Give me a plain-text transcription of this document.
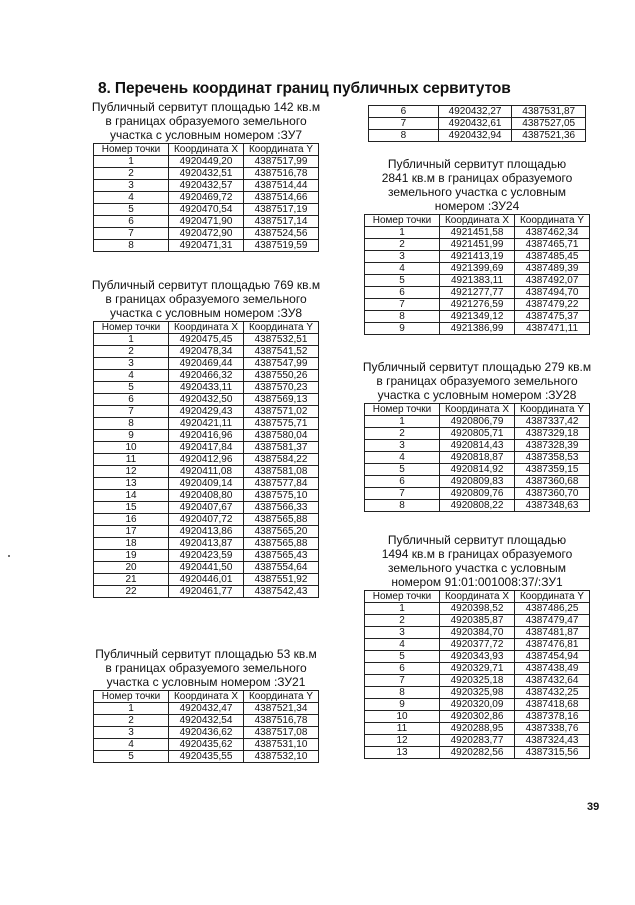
8. Перечень координат границ публичных сервитутов
Публичный сервитут площадью 142 кв.м
в границах образуемого земельного
участка с условным номером :ЗУ7
Номер точки	Координата X	Координата Y
1	4920449,20	4387517,99
2	4920432,51	4387516,78
3	4920432,57	4387514,44
4	4920469,72	4387514,66
5	4920470,54	4387517,19
6	4920471,90	4387517,14
7	4920472,90	4387524,56
8	4920471,31	4387519,59
Публичный сервитут площадью 769 кв.м
в границах образуемого земельного
участка с условным номером :ЗУ8
Номер точки	Координата X	Координата Y
1	4920475,45	4387532,51
2	4920478,34	4387541,52
3	4920469,44	4387547,99
4	4920466,32	4387550,26
5	4920433,11	4387570,23
6	4920432,50	4387569,13
7	4920429,43	4387571,02
8	4920421,11	4387575,71
9	4920416,96	4387580,04
10	4920417,84	4387581,37
11	4920412,96	4387584,22
12	4920411,08	4387581,08
13	4920409,14	4387577,84
14	4920408,80	4387575,10
15	4920407,67	4387566,33
16	4920407,72	4387565,88
17	4920413,86	4387565,20
18	4920413,87	4387565,88
19	4920423,59	4387565,43
20	4920441,50	4387554,64
21	4920446,01	4387551,92
22	4920461,77	4387542,43
Публичный сервитут площадью 53 кв.м
в границах образуемого земельного
участка с условным номером :ЗУ21
Номер точки	Координата X	Координата Y
1	4920432,47	4387521,34
2	4920432,54	4387516,78
3	4920436,62	4387517,08
4	4920435,62	4387531,10
5	4920435,55	4387532,10
6	4920432,27	4387531,87
7	4920432,61	4387527,05
8	4920432,94	4387521,36
Публичный сервитут площадью
2841 кв.м в границах образуемого
земельного участка с условным
номером :ЗУ24
Номер точки	Координата X	Координата Y
1	4921451,58	4387462,34
2	4921451,99	4387465,71
3	4921413,19	4387485,45
4	4921399,69	4387489,39
5	4921383,11	4387492,07
6	4921277,77	4387494,70
7	4921276,59	4387479,22
8	4921349,12	4387475,37
9	4921386,99	4387471,11
Публичный сервитут площадью 279 кв.м
в границах образуемого земельного
участка с условным номером :ЗУ28
Номер точки	Координата X	Координата Y
1	4920806,79	4387337,42
2	4920805,71	4387329,18
3	4920814,43	4387328,39
4	4920818,87	4387358,53
5	4920814,92	4387359,15
6	4920809,83	4387360,68
7	4920809,76	4387360,70
8	4920808,22	4387348,63
Публичный сервитут площадью
1494 кв.м в границах образуемого
земельного участка с условным
номером 91:01:001008:37/:ЗУ1
Номер точки	Координата X	Координата Y
1	4920398,52	4387486,25
2	4920385,87	4387479,47
3	4920384,70	4387481,87
4	4920377,72	4387476,81
5	4920343,93	4387454,94
6	4920329,71	4387438,49
7	4920325,18	4387432,64
8	4920325,98	4387432,25
9	4920320,09	4387418,68
10	4920302,86	4387378,16
11	4920288,95	4387338,76
12	4920283,77	4387324,43
13	4920282,56	4387315,56
39
